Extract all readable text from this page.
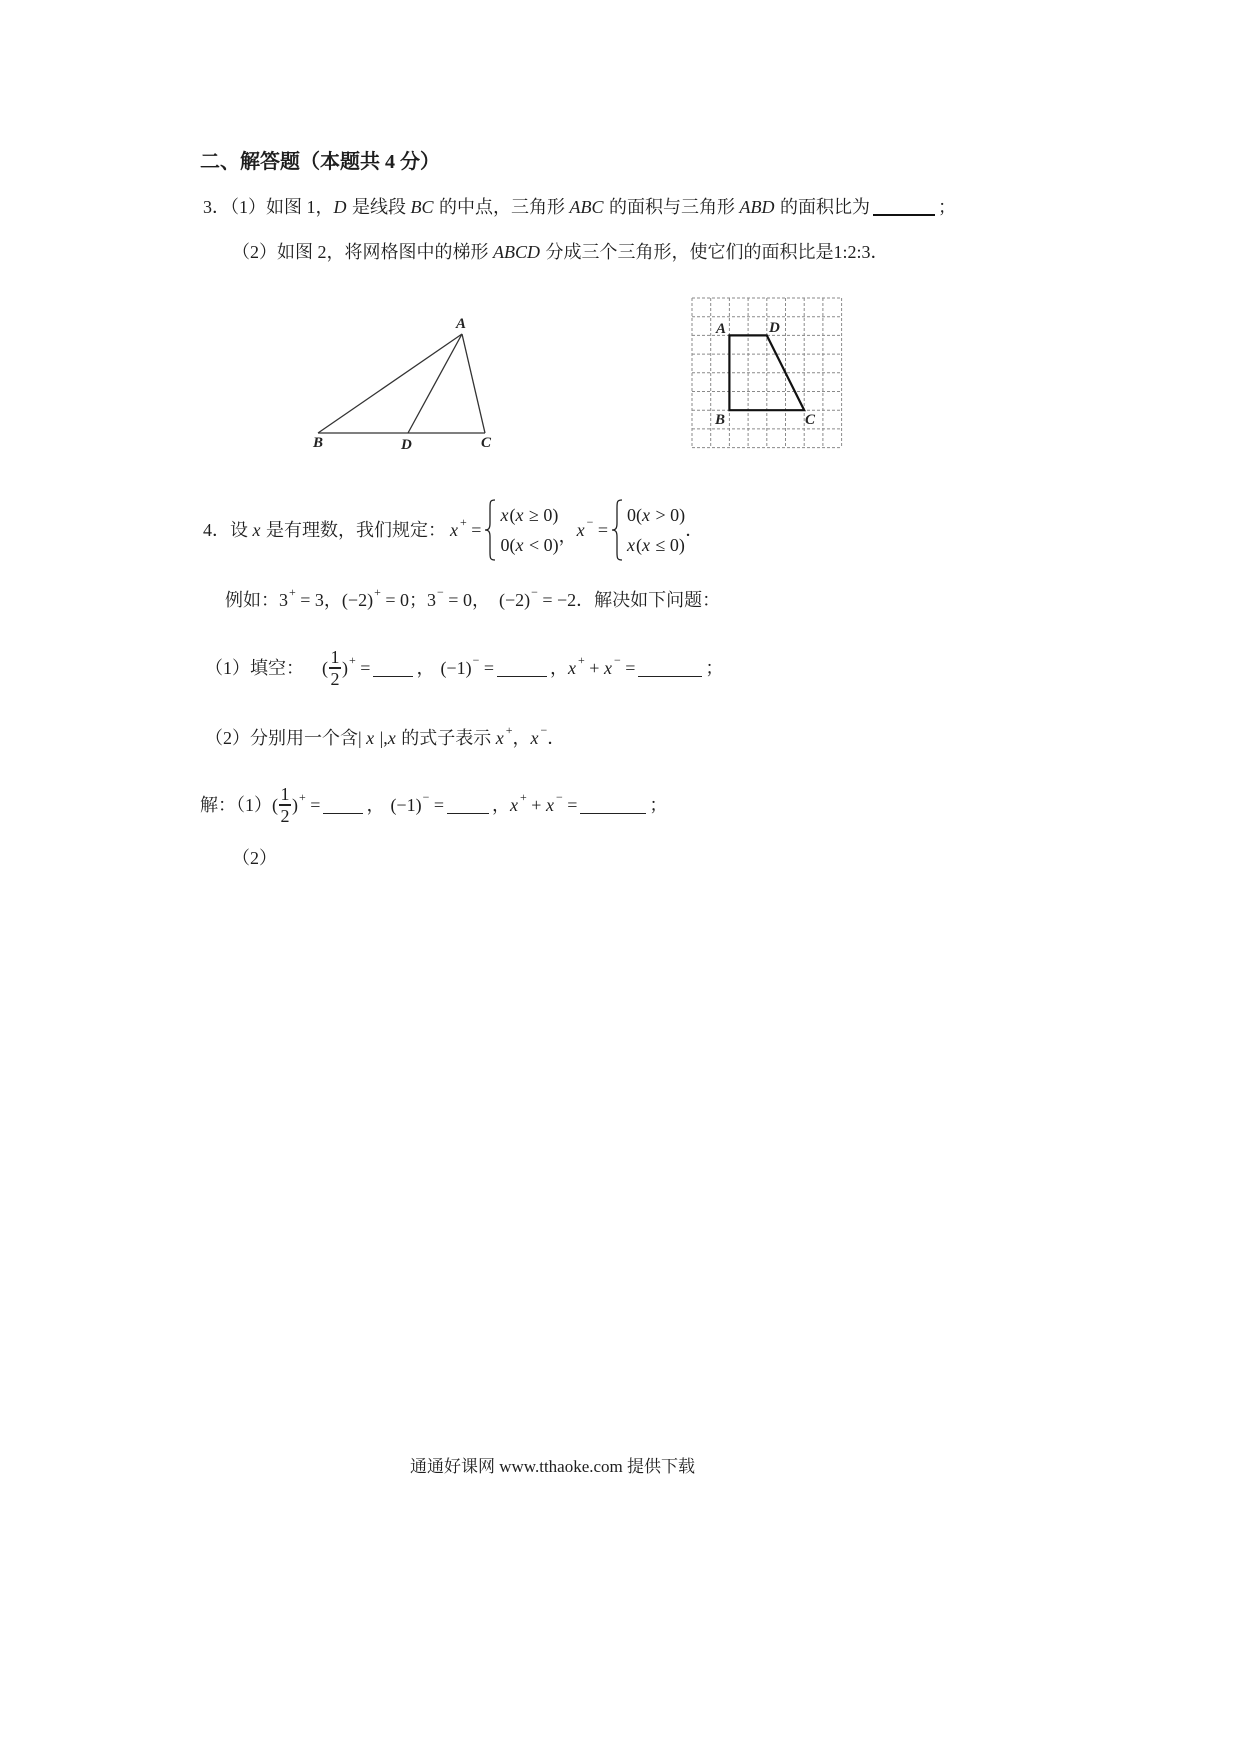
二、解答题（本题共 4 分）
3．（1）如图 1， D 是线段 BC 的中点，三角形 ABC 的面积与三角形 ABD 的面积比为	；
（2）如图 2，将网格图中的梯形 ABCD 分成三个三角形，使它们的面积比是 1:2:3 ．
A
B	D	C
A	D
B	C
4．设 x 是有理数，我们规定： x + =
x ( x ≥ 0)
0( x < 0) ， x − =
0( x > 0)
x ( x ≤ 0)
．
例如：3 + = 3，(−2) + = 0；3 − = 0，  (−2) − = −2．解决如下问题：
（1）填空： ( $\frac{1}{2}$ ) + =	， (−1) − =	， x + + x − =	；
（2）分别用一个含| x |, x 的式子表示 x + ， x − ．
解：（1） ( $\frac{1}{2}$ ) + =	， (−1) − =	， x + + x − =	；
（2）
通通好课网 www.tthaoke.com 提供下载
